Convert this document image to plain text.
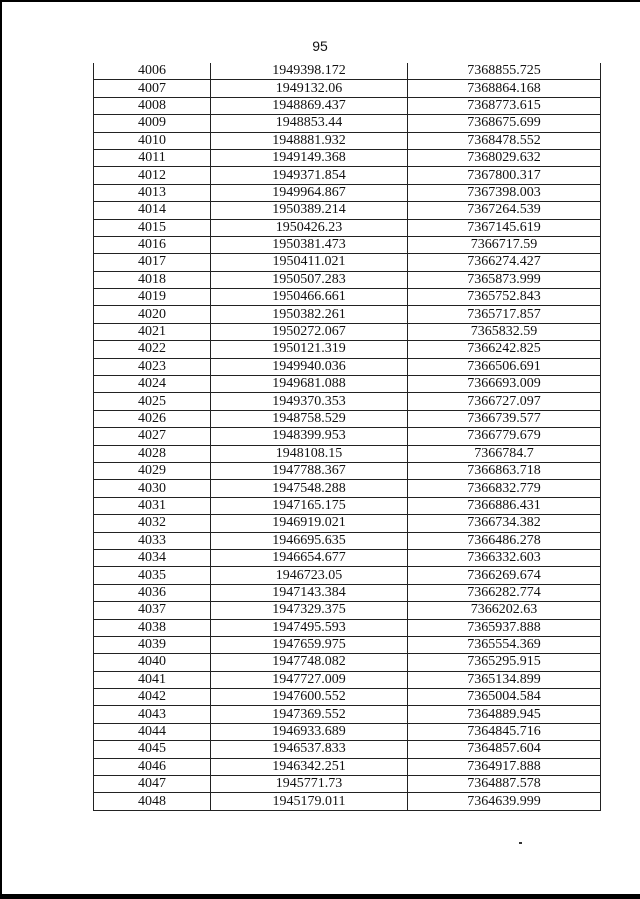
95
4006	1949398.172	7368855.725
4007	1949132.06	7368864.168
4008	1948869.437	7368773.615
4009	1948853.44	7368675.699
4010	1948881.932	7368478.552
4011	1949149.368	7368029.632
4012	1949371.854	7367800.317
4013	1949964.867	7367398.003
4014	1950389.214	7367264.539
4015	1950426.23	7367145.619
4016	1950381.473	7366717.59
4017	1950411.021	7366274.427
4018	1950507.283	7365873.999
4019	1950466.661	7365752.843
4020	1950382.261	7365717.857
4021	1950272.067	7365832.59
4022	1950121.319	7366242.825
4023	1949940.036	7366506.691
4024	1949681.088	7366693.009
4025	1949370.353	7366727.097
4026	1948758.529	7366739.577
4027	1948399.953	7366779.679
4028	1948108.15	7366784.7
4029	1947788.367	7366863.718
4030	1947548.288	7366832.779
4031	1947165.175	7366886.431
4032	1946919.021	7366734.382
4033	1946695.635	7366486.278
4034	1946654.677	7366332.603
4035	1946723.05	7366269.674
4036	1947143.384	7366282.774
4037	1947329.375	7366202.63
4038	1947495.593	7365937.888
4039	1947659.975	7365554.369
4040	1947748.082	7365295.915
4041	1947727.009	7365134.899
4042	1947600.552	7365004.584
4043	1947369.552	7364889.945
4044	1946933.689	7364845.716
4045	1946537.833	7364857.604
4046	1946342.251	7364917.888
4047	1945771.73	7364887.578
4048	1945179.011	7364639.999
